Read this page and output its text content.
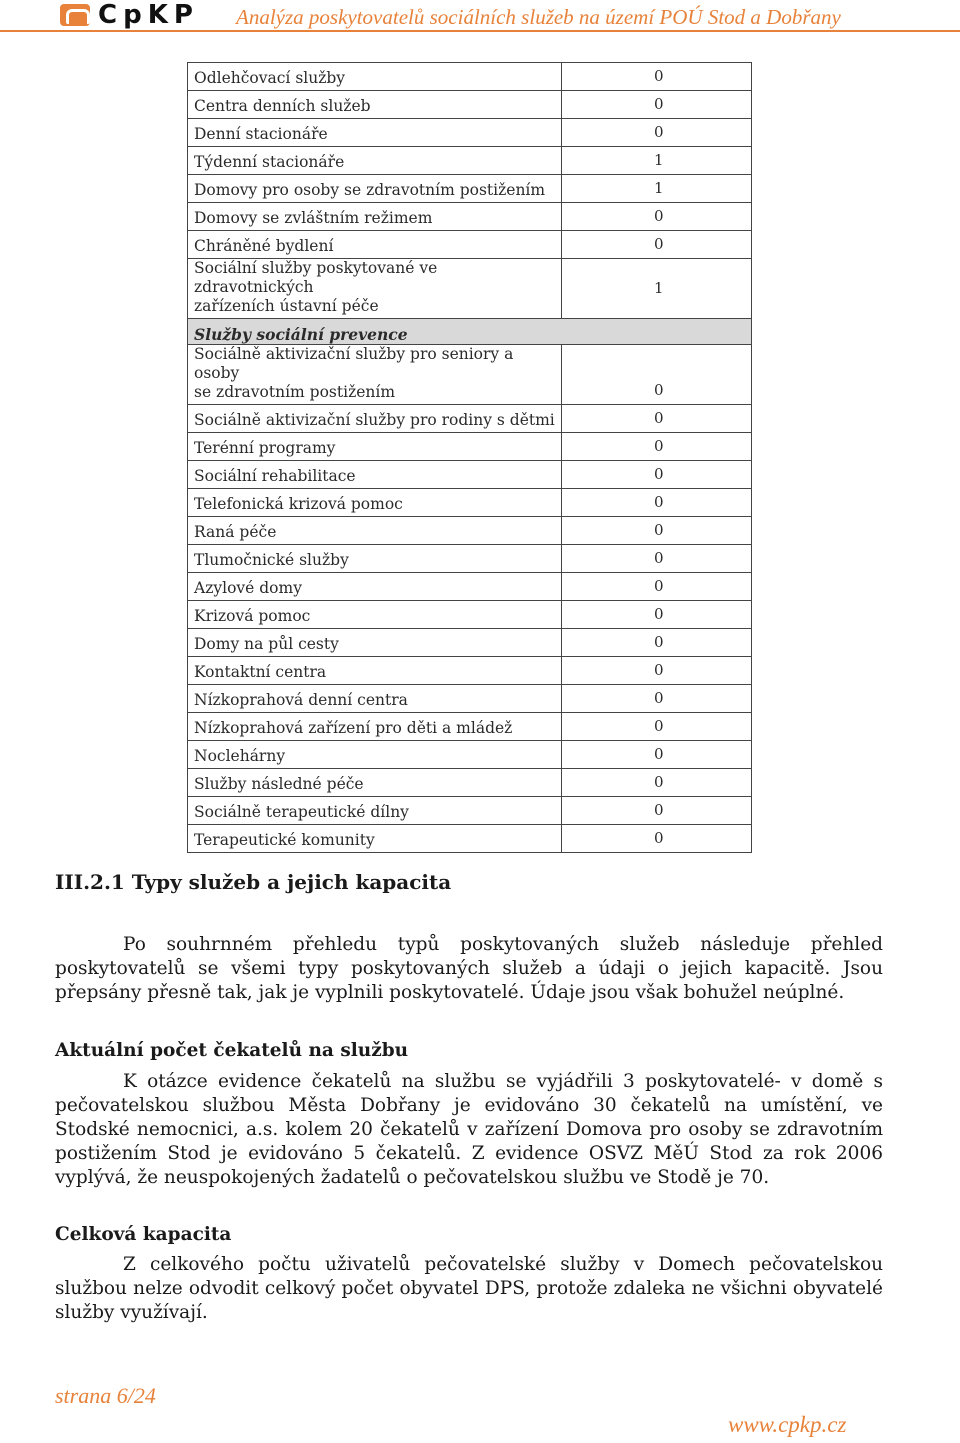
CpKP Analýza poskytovatelů sociálních služeb na území POÚ Stod a Dobřany
Odlehčovací služby	0
Centra denních služeb	0
Denní stacionáře	0
Týdenní stacionáře	1
Domovy pro osoby se zdravotním postižením	1
Domovy se zvláštním režimem	0
Chráněné bydlení	0
Sociální služby poskytované ve zdravotnických
zařízeních ústavní péče	1
Služby sociální prevence	
Sociálně aktivizační služby pro seniory a osoby
se zdravotním postižením	0
Sociálně aktivizační služby pro rodiny s dětmi	0
Terénní programy	0
Sociální rehabilitace	0
Telefonická krizová pomoc	0
Raná péče	0
Tlumočnické služby	0
Azylové domy	0
Krizová pomoc	0
Domy na půl cesty	0
Kontaktní centra	0
Nízkoprahová denní centra	0
Nízkoprahová zařízení pro děti a mládež	0
Noclehárny	0
Služby následné péče	0
Sociálně terapeutické dílny	0
Terapeutické komunity	0
III.2.1 Typy služeb a jejich kapacita
Po souhrnném přehledu typů poskytovaných služeb následuje přehled poskytovatelů se všemi typy poskytovaných služeb a údaji o jejich kapacitě. Jsou přepsány přesně tak, jak je vyplnili poskytovatelé. Údaje jsou však bohužel neúplné.
Aktuální počet čekatelů na službu
K otázce evidence čekatelů na službu se vyjádřili 3 poskytovatelé- v domě s pečovatelskou službou Města Dobřany je evidováno 30 čekatelů na umístění, ve Stodské nemocnici, a.s. kolem 20 čekatelů v zařízení Domova pro osoby se zdravotním postižením Stod je evidováno 5 čekatelů. Z evidence OSVZ MěÚ Stod za rok 2006 vyplývá, že neuspokojených žadatelů o pečovatelskou službu ve Stodě je 70.
Celková kapacita
Z celkového počtu uživatelů pečovatelské služby v Domech pečovatelskou službou nelze odvodit celkový počet obyvatel DPS, protože zdaleka ne všichni obyvatelé služby využívají.
strana 6/24
www.cpkp.cz
